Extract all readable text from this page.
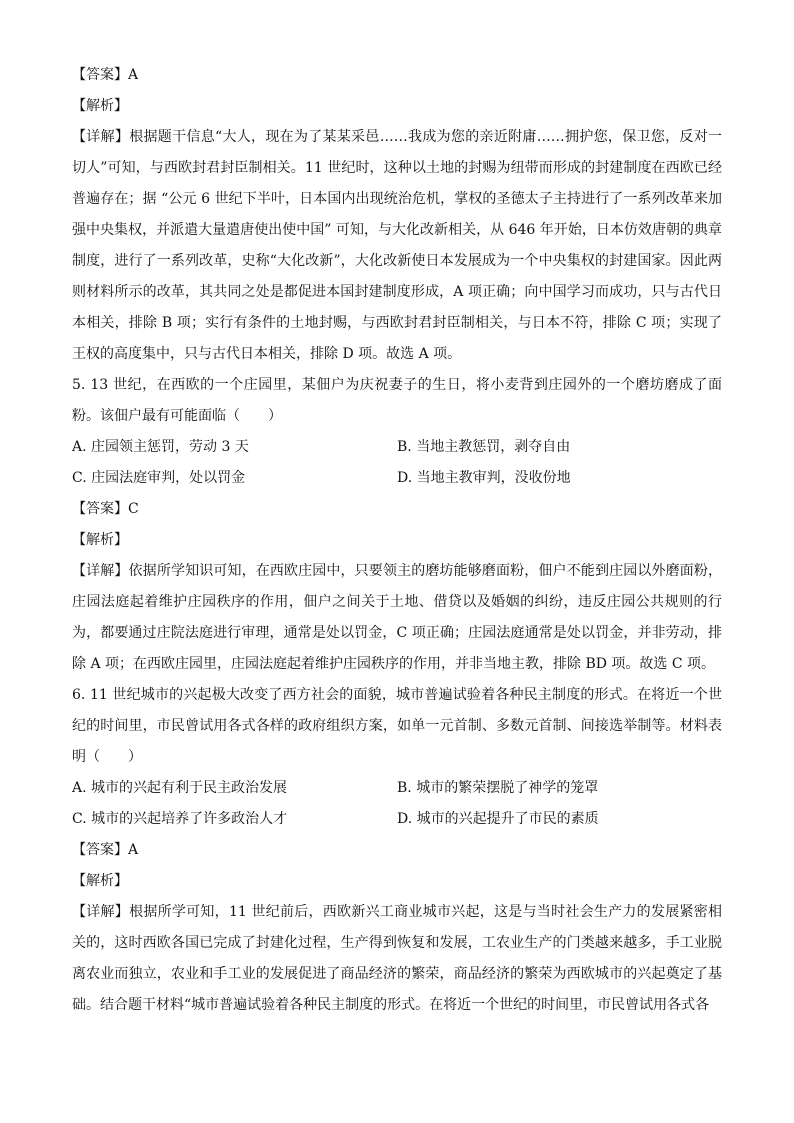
【答案】A
【解析】

【详解】根据题干信息“大人，现在为了某某采邑……我成为您的亲近附庸……拥护您，保卫您，反对一切人”可知，与西欧封君封臣制相关。11 世纪时，这种以土地的封赐为纽带而形成的封建制度在西欧已经普遍存在；据 “公元 6 世纪下半叶，日本国内出现统治危机，掌权的圣德太子主持进行了一系列改革来加强中央集权，并派遣大量遣唐使出使中国” 可知，与大化改新相关，从 646 年开始，日本仿效唐朝的典章制度，进行了一系列改革，史称“大化改新”，大化改新使日本发展成为一个中央集权的封建国家。因此两则材料所示的改革，其共同之处是都促进本国封建制度形成，A 项正确；向中国学习而成功，只与古代日本相关，排除 B 项；实行有条件的土地封赐，与西欧封君封臣制相关，与日本不符，排除 C 项；实现了王权的高度集中，只与古代日本相关，排除 D 项。故选 A 项。

5. 13 世纪，在西欧的一个庄园里，某佃户为庆祝妻子的生日，将小麦背到庄园外的一个磨坊磨成了面粉。该佃户最有可能面临（　　）

A. 庄园领主惩罚，劳动 3 天	B. 当地主教惩罚，剥夺自由
C. 庄园法庭审判，处以罚金	D. 当地主教审判，没收份地
【答案】C
【解析】

【详解】依据所学知识可知，在西欧庄园中，只要领主的磨坊能够磨面粉，佃户不能到庄园以外磨面粉，庄园法庭起着维护庄园秩序的作用，佃户之间关于土地、借贷以及婚姻的纠纷，违反庄园公共规则的行为，都要通过庄院法庭进行审理，通常是处以罚金，C 项正确；庄园法庭通常是处以罚金，并非劳动，排除 A 项；在西欧庄园里，庄园法庭起着维护庄园秩序的作用，并非当地主教，排除 BD 项。故选 C 项。

6. 11 世纪城市的兴起极大改变了西方社会的面貌，城市普遍试验着各种民主制度的形式。在将近一个世纪的时间里，市民曾试用各式各样的政府组织方案，如单一元首制、多数元首制、间接选举制等。材料表明（　　）

A. 城市的兴起有利于民主政治发展	B. 城市的繁荣摆脱了神学的笼罩
C. 城市的兴起培养了许多政治人才	D. 城市的兴起提升了市民的素质
【答案】A
【解析】

【详解】根据所学可知，11 世纪前后，西欧新兴工商业城市兴起，这是与当时社会生产力的发展紧密相关的，这时西欧各国已完成了封建化过程，生产得到恢复和发展，工农业生产的门类越来越多，手工业脱离农业而独立，农业和手工业的发展促进了商品经济的繁荣，商品经济的繁荣为西欧城市的兴起奠定了基础。结合题干材料“城市普遍试验着各种民主制度的形式。在将近一个世纪的时间里，市民曾试用各式各
